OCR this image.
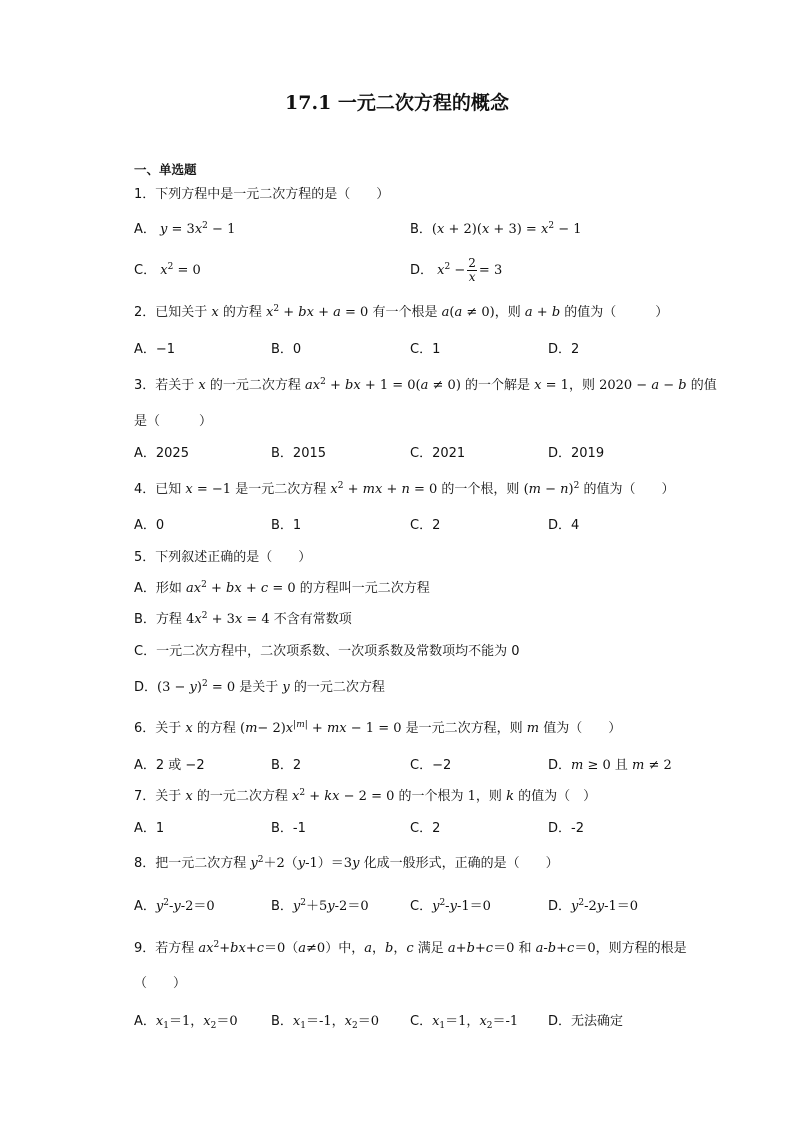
17.1 一元二次方程的概念
一、单选题
1．下列方程中是一元二次方程的是（　　）
A． $y = 3x^2 - 1$	B．$(x + 2)(x + 3) = x^2 - 1$
C． $x^2 = 0$	D． $x^2 - \frac{2}{x} = 3$
2．已知关于 x 的方程 $x^2$ + bx + a = 0 有一个根是 a(a ≠ 0)，则 a + b 的值为（　　　）
A．−1	B．0	C．1	D．2
3．若关于 x 的一元二次方程 $ax^2$ + bx + 1 = 0(a ≠ 0) 的一个解是 x = 1，则 2020 − a − b 的值
是（　　　）
A．2025	B．2015	C．2021	D．2019
4．已知 x = −1 是一元二次方程 $x^2$ + mx + n = 0 的一个根，则 $(m - n)^2$ 的值为（　　）
A．0	B．1	C．2	D．4
5．下列叙述正确的是（　　）
A．形如 $ax^2$ + bx + c = 0 的方程叫一元二次方程
B．方程 $4x^2 + 3x = 4$ 不含有常数项
C．一元二次方程中，二次项系数、一次项系数及常数项均不能为 0
D．$(3 - y)^2 = 0$ 是关于 y 的一元二次方程
6．关于 x 的方程 $(m- 2)x^{|m|}$ + mx − 1 = 0 是一元二次方程，则 m 值为（　　）
A．2 或 −2	B．2	C．−2	D．m ≥ 0 且 m ≠ 2
7．关于 x 的一元二次方程 $x^2$ + kx − 2 = 0 的一个根为 1，则 k 的值为（　）
A．1	B．-1	C．2	D．-2
8．把一元二次方程 $y^2+2(y-1)=3y$ 化成一般形式，正确的是（　　）
A．$y^2-y-2=0$	B．$y^2+5y-2=0$	C．$y^2-y-1=0$	D．$y^2-2y-1=0$
9．若方程 $ax^2+bx+c=0(a\ne 0)$中，a，b，c 满足 a+b+c＝0 和 a-b+c＝0，则方程的根是
（　　）
A．$x_1=1$，$x_2=0$	B．$x_1=-1$，$x_2=0$ C．$x_1=1$，$x_2=-1$ D．无法确定
